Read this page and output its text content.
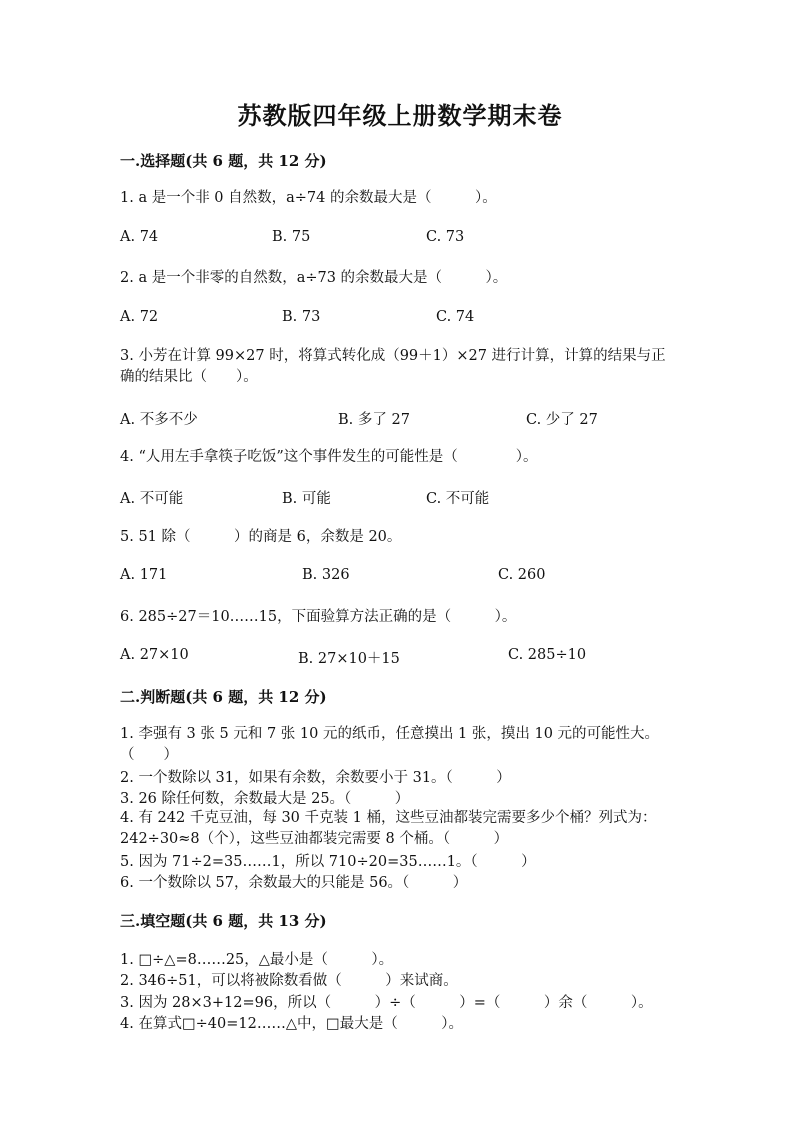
苏教版四年级上册数学期末卷
一.选择题(共 6 题，共 12 分)
1. a 是一个非 0 自然数，a÷74 的余数最大是（　　　）。
A. 74	B. 75	C. 73
2. a 是一个非零的自然数，a÷73 的余数最大是（　　　）。
A. 72	B. 73	C. 74
3. 小芳在计算 99×27 时，将算式转化成（99＋1）×27 进行计算，计算的结果与正确的结果比（　　）。
A. 不多不少	B. 多了 27	C. 少了 27
4. “人用左手拿筷子吃饭”这个事件发生的可能性是（　　　　）。
A. 不可能	B. 可能	C. 不可能
5. 51 除（　　　）的商是 6，余数是 20。
A. 171	B. 326	C. 260
6. 285÷27＝10……15，下面验算方法正确的是（　　　）。
A. 27×10	B. 27×10＋15	C. 285÷10
二.判断题(共 6 题，共 12 分)
1. 李强有 3 张 5 元和 7 张 10 元的纸币，任意摸出 1 张，摸出 10 元的可能性大。　　　（　　）
2. 一个数除以 31，如果有余数，余数要小于 31。（　　　）
3. 26 除任何数，余数最大是 25。（　　　）
4. 有 242 千克豆油，每 30 千克装 1 桶，这些豆油都装完需要多少个桶？列式为：242÷30≈8（个），这些豆油都装完需要 8 个桶。（　　　）
5. 因为 71÷2=35……1，所以 710÷20=35……1。（　　　）
6. 一个数除以 57，余数最大的只能是 56。（　　　）
三.填空题(共 6 题，共 13 分)
1. □÷△=8……25，△最小是（　　　）。
2. 346÷51，可以将被除数看做（　　　）来试商。
3. 因为 28×3+12=96，所以（　　　）÷（　　　）=（　　　）余（　　　）。
4. 在算式□÷40=12……△中，□最大是（　　　）。
